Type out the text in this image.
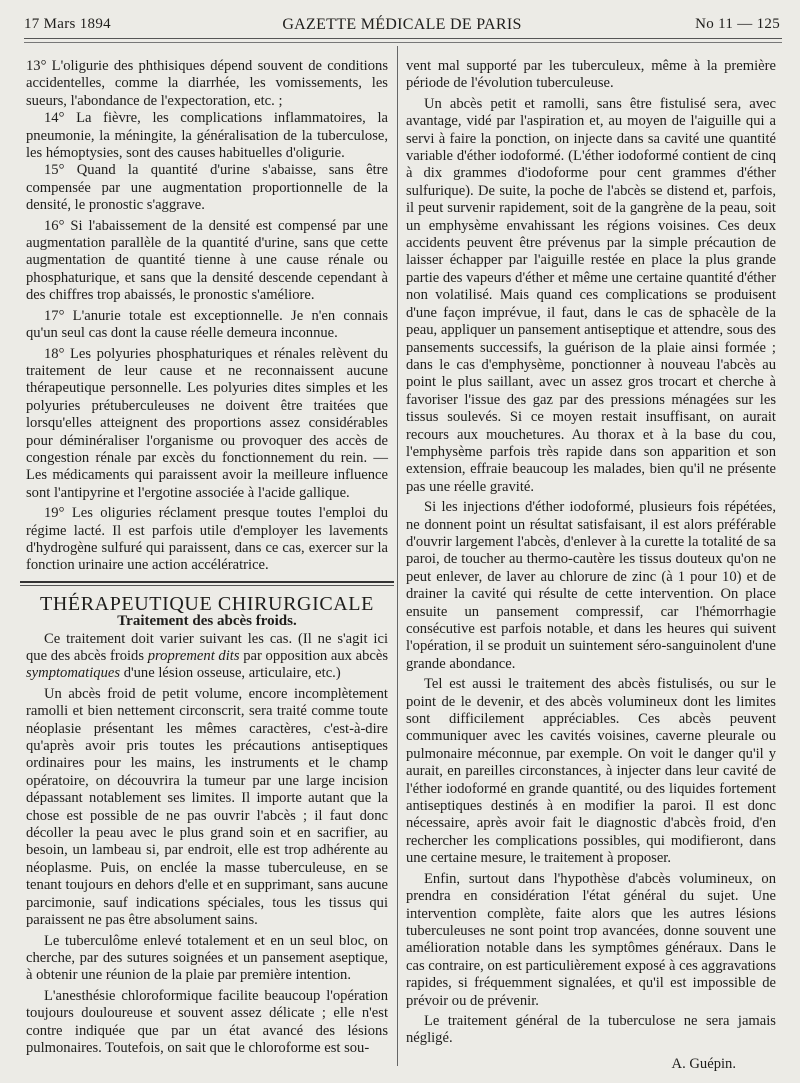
17 Mars 1894	GAZETTE MÉDICALE DE PARIS	No 11 — 125

13° L'oligurie des phthisiques dépend souvent de conditions accidentelles, comme la diarrhée, les vomissements, les sueurs, l'abondance de l'expectoration, etc. ;

14° La fièvre, les complications inflammatoires, la pneumonie, la méningite, la généralisation de la tuberculose, les hémoptysies, sont des causes habituelles d'oligurie.

15° Quand la quantité d'urine s'abaisse, sans être compensée par une augmentation proportionnelle de la densité, le pronostic s'aggrave.

16° Si l'abaissement de la densité est compensé par une augmentation parallèle de la quantité d'urine, sans que cette augmentation de quantité tienne à une cause rénale ou phosphaturique, et sans que la densité descende cependant à des chiffres trop abaissés, le pronostic s'améliore.

17° L'anurie totale est exceptionnelle. Je n'en connais qu'un seul cas dont la cause réelle demeura inconnue.

18° Les polyuries phosphaturiques et rénales relèvent du traitement de leur cause et ne reconnaissent aucune thérapeutique personnelle. Les polyuries dites simples et les polyuries prétuberculeuses ne doivent être traitées que lorsqu'elles atteignent des proportions assez considérables pour déminéraliser l'organisme ou provoquer des accès de congestion rénale par excès du fonctionnement du rein. — Les médicaments qui paraissent avoir la meilleure influence sont l'antipyrine et l'ergotine associée à l'acide gallique.

19° Les oliguries réclament presque toutes l'emploi du régime lacté. Il est parfois utile d'employer les lavements d'hydrogène sulfuré qui paraissent, dans ce cas, exercer sur la fonction urinaire une action accélératrice.

THÉRAPEUTIQUE CHIRURGICALE

Traitement des abcès froids.

Ce traitement doit varier suivant les cas. (Il ne s'agit ici que des abcès froids proprement dits par opposition aux abcès symptomatiques d'une lésion osseuse, articulaire, etc.)

Un abcès froid de petit volume, encore incomplètement ramolli et bien nettement circonscrit, sera traité comme toute néoplasie présentant les mêmes caractères, c'est-à-dire qu'après avoir pris toutes les précautions antiseptiques ordinaires pour les mains, les instruments et le champ opératoire, on découvrira la tumeur par une large incision dépassant notablement ses limites. Il importe autant que la chose est possible de ne pas ouvrir l'abcès ; il faut donc décoller la peau avec le plus grand soin et en sacrifier, au besoin, un lambeau si, par endroit, elle est trop adhérente au néoplasme. Puis, on enclée la masse tuberculeuse, en se tenant toujours en dehors d'elle et en supprimant, sans aucune parcimonie, sauf indications spéciales, tous les tissus qui paraissent ne pas être absolument sains.

Le tuberculôme enlevé totalement et en un seul bloc, on cherche, par des sutures soignées et un pansement aseptique, à obtenir une réunion de la plaie par première intention.

L'anesthésie chloroformique facilite beaucoup l'opération toujours douloureuse et souvent assez délicate ; elle n'est contre indiquée que par un état avancé des lésions pulmonaires. Toutefois, on sait que le chloroforme est sou-

vent mal supporté par les tuberculeux, même à la première période de l'évolution tuberculeuse.

Un abcès petit et ramolli, sans être fistulisé sera, avec avantage, vidé par l'aspiration et, au moyen de l'aiguille qui a servi à faire la ponction, on injecte dans sa cavité une quantité variable d'éther iodoformé. (L'éther iodoformé contient de cinq à dix grammes d'iodoforme pour cent grammes d'éther sulfurique). De suite, la poche de l'abcès se distend et, parfois, il peut survenir rapidement, soit de la gangrène de la peau, soit un emphysème envahissant les régions voisines. Ces deux accidents peuvent être prévenus par la simple précaution de laisser échapper par l'aiguille restée en place la plus grande partie des vapeurs d'éther et même une certaine quantité d'éther non volatilisé. Mais quand ces complications se produisent d'une façon imprévue, il faut, dans le cas de sphacèle de la peau, appliquer un pansement antiseptique et attendre, sous des pansements successifs, la guérison de la plaie ainsi formée ; dans le cas d'emphysème, ponctionner à nouveau l'abcès au point le plus saillant, avec un assez gros trocart et cherche à favoriser l'issue des gaz par des pressions ménagées sur les tissus soulevés. Si ce moyen restait insuffisant, on aurait recours aux mouchetures. Au thorax et à la base du cou, l'emphysème parfois très rapide dans son apparition et son extension, effraie beaucoup les malades, bien qu'il ne présente pas une réelle gravité.

Si les injections d'éther iodoformé, plusieurs fois répétées, ne donnent point un résultat satisfaisant, il est alors préférable d'ouvrir largement l'abcès, d'enlever à la curette la totalité de sa paroi, de toucher au thermo-cautère les tissus douteux qu'on ne peut enlever, de laver au chlorure de zinc (à 1 pour 10) et de drainer la cavité qui résulte de cette intervention. On place ensuite un pansement compressif, car l'hémorrhagie consécutive est parfois notable, et dans les heures qui suivent l'opération, il se produit un suintement séro-sanguinolent d'une grande abondance.

Tel est aussi le traitement des abcès fistulisés, ou sur le point de le devenir, et des abcès volumineux dont les limites sont difficilement appréciables. Ces abcès peuvent communiquer avec les cavités voisines, caverne pleurale ou pulmonaire méconnue, par exemple. On voit le danger qu'il y aurait, en pareilles circonstances, à injecter dans leur cavité de l'éther iodoformé en grande quantité, ou des liquides fortement antiseptiques destinés à en modifier la paroi. Il est donc nécessaire, après avoir fait le diagnostic d'abcès froid, d'en rechercher les complications possibles, qui modifieront, dans une certaine mesure, le traitement à proposer.

Enfin, surtout dans l'hypothèse d'abcès volumineux, on prendra en considération l'état général du sujet. Une intervention complète, faite alors que les autres lésions tuberculeuses ne sont point trop avancées, donne souvent une amélioration notable dans les symptômes généraux. Dans le cas contraire, on est particulièrement exposé à ces aggravations rapides, si fréquemment signalées, et qu'il est impossible de prévoir ou de prévenir.

Le traitement général de la tuberculose ne sera jamais négligé.

A. Guépin.
